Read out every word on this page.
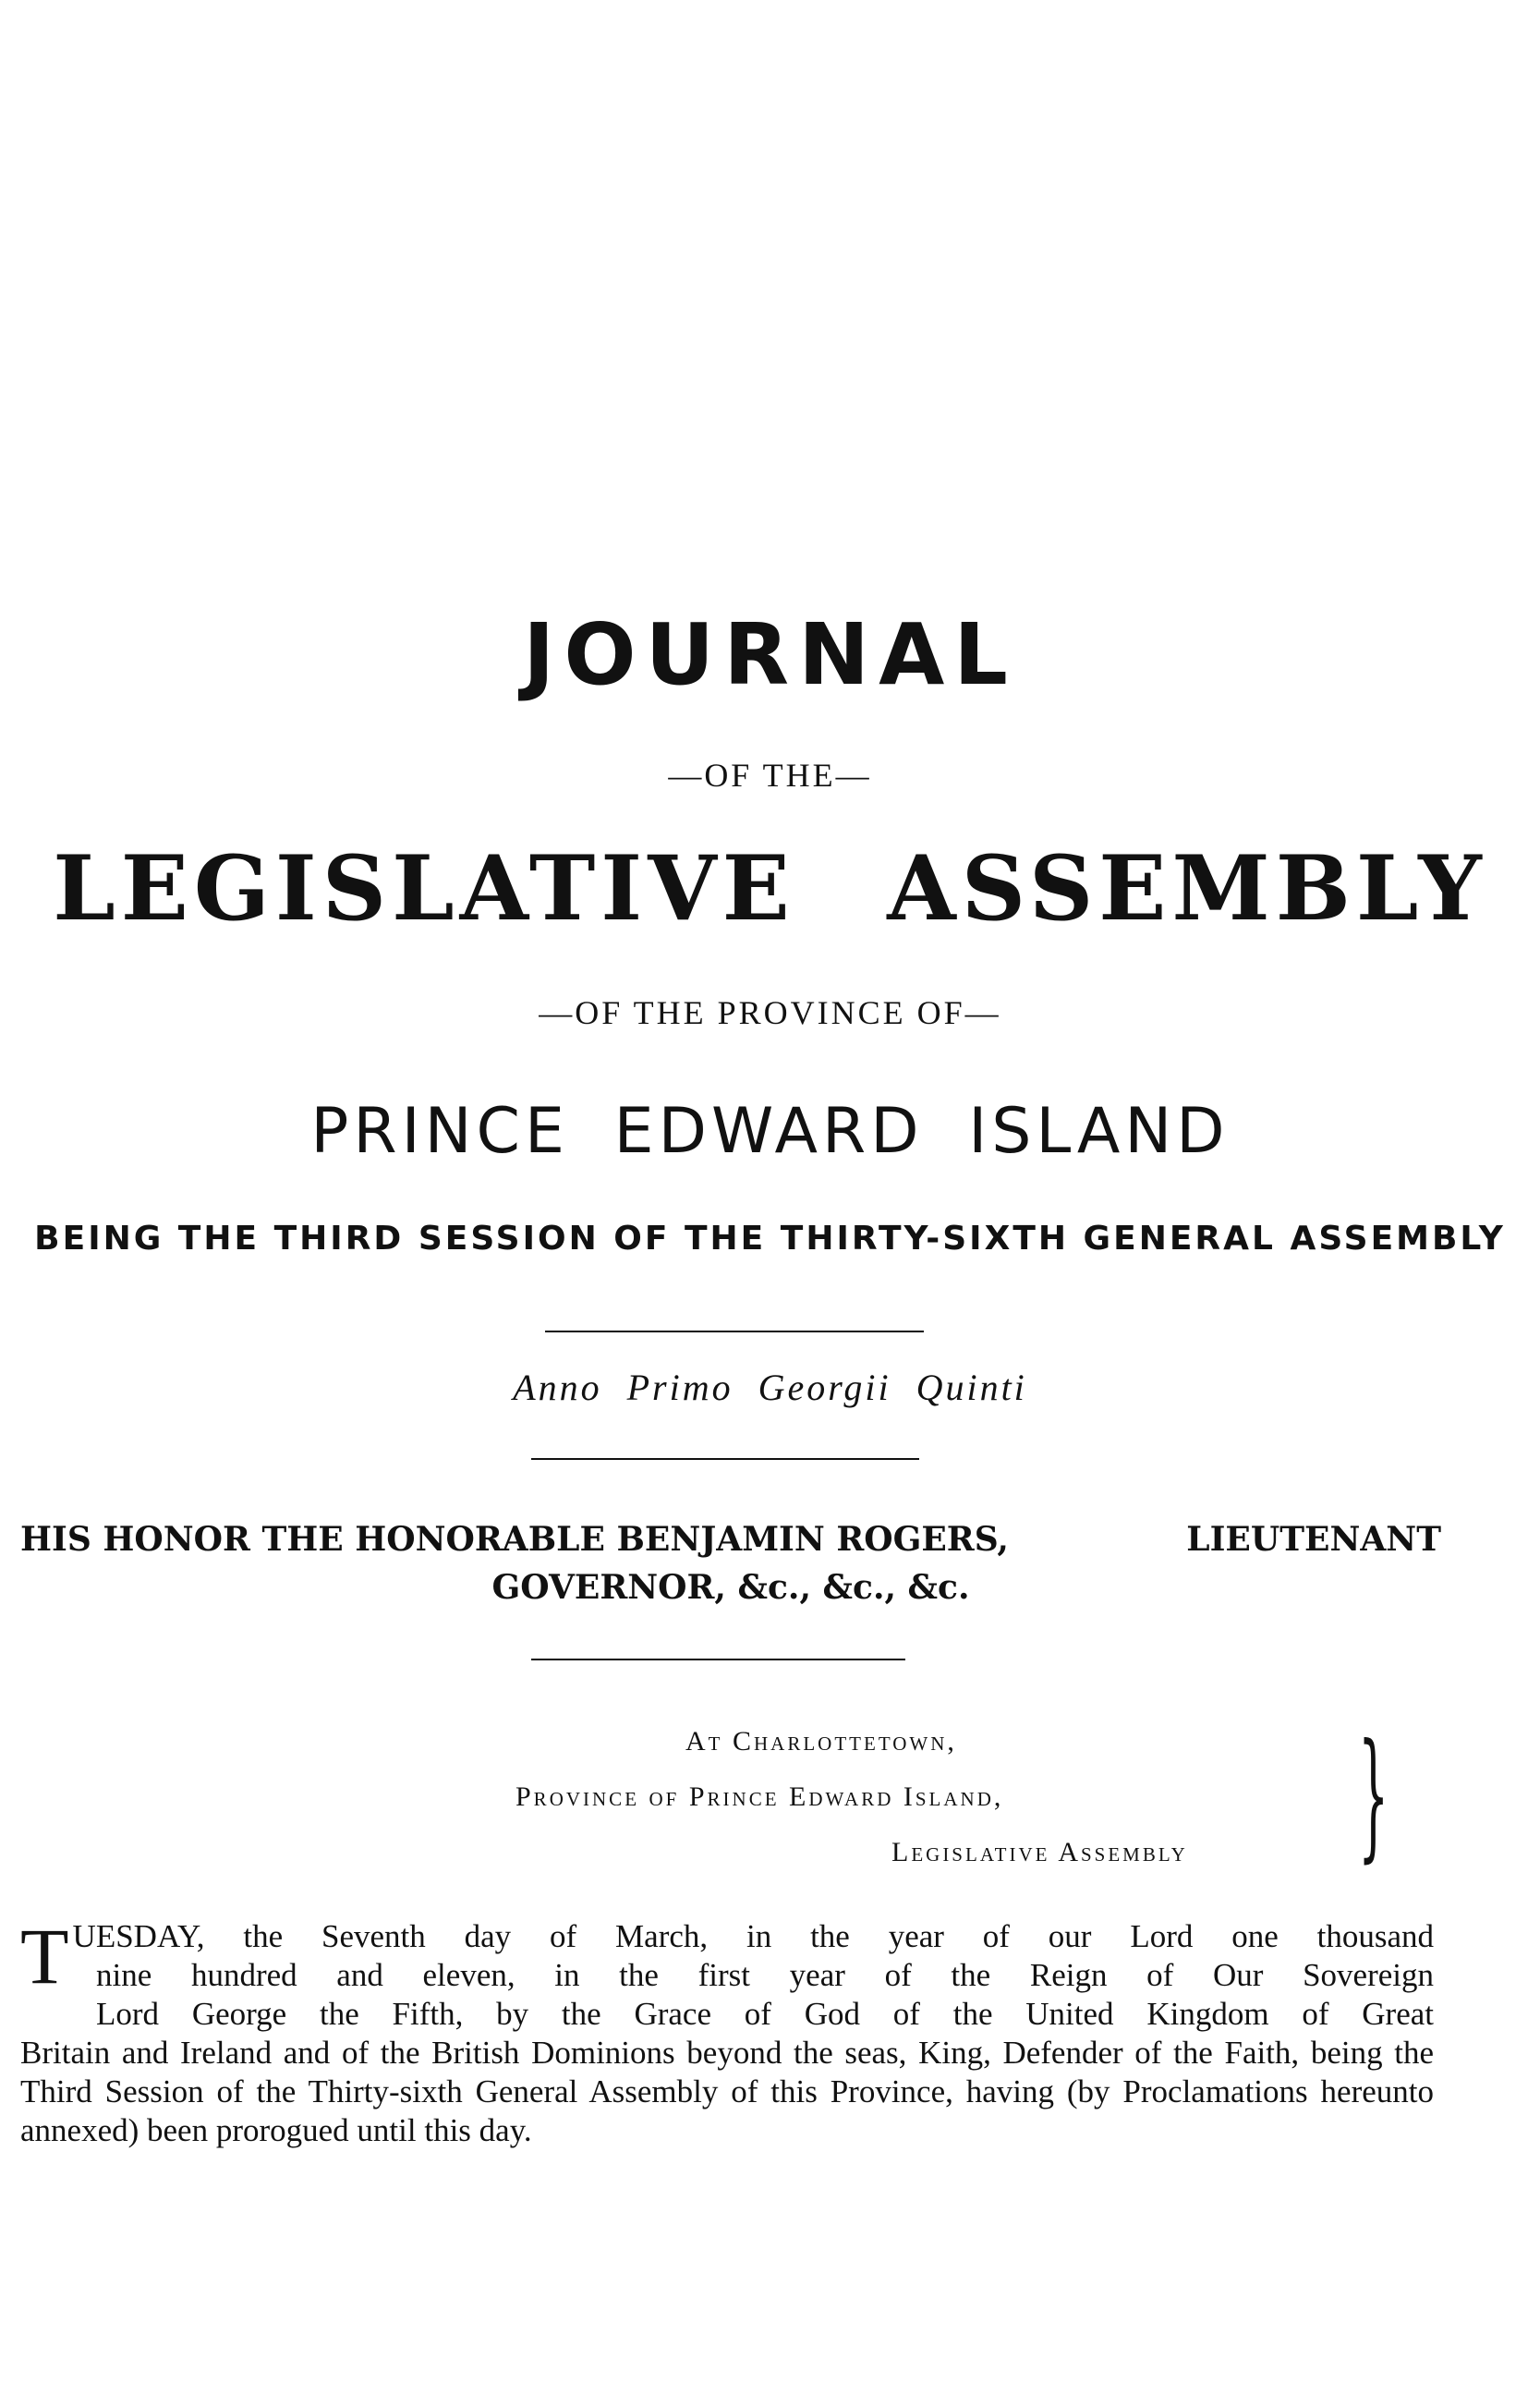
JOURNAL
—OF THE—
LEGISLATIVE ASSEMBLY
—OF THE PROVINCE OF—
PRINCE EDWARD ISLAND
BEING THE THIRD SESSION OF THE THIRTY-SIXTH GENERAL ASSEMBLY
Anno Primo Georgii Quinti
HIS HONOR THE HONORABLE BENJAMIN ROGERS,	LIEUTENANT
GOVERNOR, &c., &c., &c.
At Charlottetown,
Province of Prince Edward Island,
Legislative Assembly }
T UESDAY, the Seventh day of March, in the year of our Lord one thousand

nine hundred and eleven, in the first year of the Reign of Our Sovereign

Lord George the Fifth, by the Grace of God of the United Kingdom of Great

Britain and Ireland and of the British Dominions beyond the seas, King, Defender of the Faith, being the Third Session of the Thirty-sixth General Assembly of this Province, having (by Proclamations hereunto annexed) been prorogued until this day.
